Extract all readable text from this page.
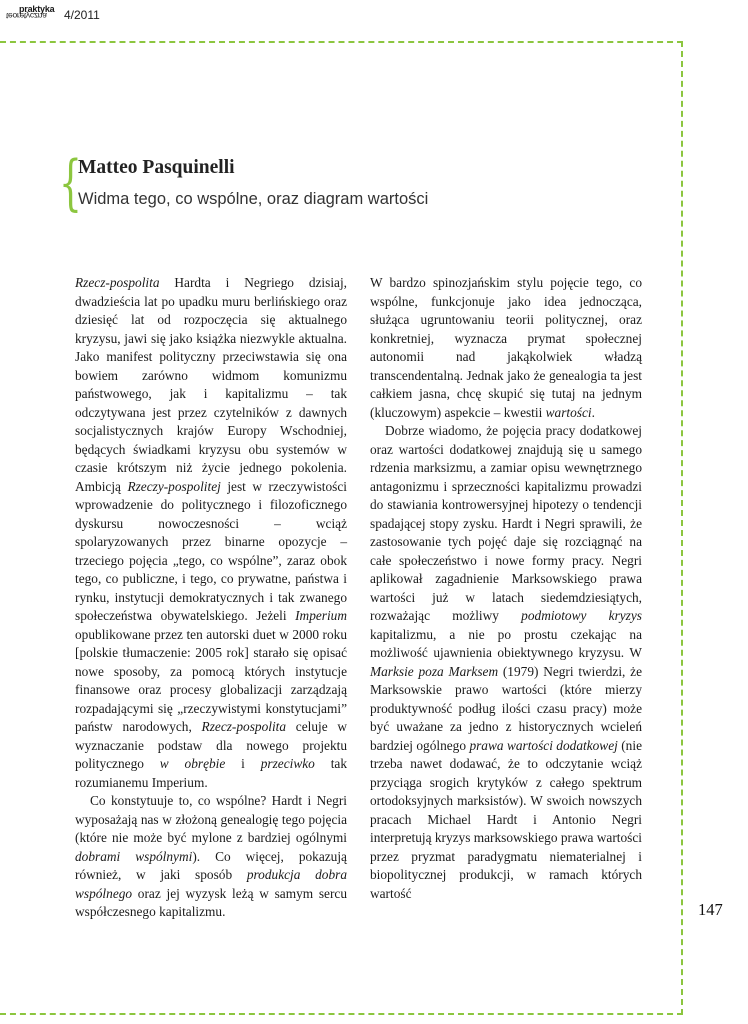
praktyka
teoretyczna 4/2011
{
Matteo Pasquinelli
Widma tego, co wspólne, oraz diagram wartości

Rzecz-pospolita Hardta i Negriego dzisiaj, dwadzieścia lat po upadku muru berlińskiego oraz dziesięć lat od rozpoczęcia się aktualnego kryzysu, jawi się jako książka niezwykle aktualna. Jako manifest polityczny przeciwstawia się ona bowiem zarówno widmom komunizmu państwowego, jak i kapitalizmu – tak odczytywana jest przez czytelników z dawnych socjalistycznych krajów Europy Wschodniej, będących świadkami kryzysu obu systemów w czasie krótszym niż życie jednego pokolenia. Ambicją Rzeczy-pospolitej jest w rzeczywistości wprowadzenie do politycznego i filozoficznego dyskursu nowoczesności – wciąż spolaryzowanych przez binarne opozycje – trzeciego pojęcia „tego, co wspólne”, zaraz obok tego, co publiczne, i tego, co prywatne, państwa i rynku, instytucji demokratycznych i tak zwanego społeczeństwa obywatelskiego. Jeżeli Imperium opublikowane przez ten autorski duet w 2000 roku [polskie tłumaczenie: 2005 rok] starało się opisać nowe sposoby, za pomocą których instytucje finansowe oraz procesy globalizacji zarządzają rozpadającymi się „rzeczywistymi konstytucjami” państw narodowych, Rzecz-pospolita celuje w wyznaczanie podstaw dla nowego projektu politycznego w obrębie i przeciwko tak rozumianemu Imperium.

Co konstytuuje to, co wspólne? Hardt i Negri wyposażają nas w złożoną genealogię tego pojęcia (które nie może być mylone z bardziej ogólnymi dobrami wspólnymi). Co więcej, pokazują również, w jaki sposób produkcja dobra wspólnego oraz jej wyzysk leżą w samym sercu współczesnego kapitalizmu.

W bardzo spinozjańskim stylu pojęcie tego, co wspólne, funkcjonuje jako idea jednocząca, służąca ugruntowaniu teorii politycznej, oraz konkretniej, wyznacza prymat społecznej autonomii nad jakąkolwiek władzą transcendentalną. Jednak jako że genealogia ta jest całkiem jasna, chcę skupić się tutaj na jednym (kluczowym) aspekcie – kwestii wartości.

Dobrze wiadomo, że pojęcia pracy dodatkowej oraz wartości dodatkowej znajdują się u samego rdzenia marksizmu, a zamiar opisu wewnętrznego antagonizmu i sprzeczności kapitalizmu prowadzi do stawiania kontrowersyjnej hipotezy o tendencji spadającej stopy zysku. Hardt i Negri sprawili, że zastosowanie tych pojęć daje się rozciągnąć na całe społeczeństwo i nowe formy pracy. Negri aplikował zagadnienie Marksowskiego prawa wartości już w latach siedemdziesiątych, rozważając możliwy podmiotowy kryzys kapitalizmu, a nie po prostu czekając na możliwość ujawnienia obiektywnego kryzysu. W Marksie poza Marksem (1979) Negri twierdzi, że Marksowskie prawo wartości (które mierzy produktywność podług ilości czasu pracy) może być uważane za jedno z historycznych wcieleń bardziej ogólnego prawa wartości dodatkowej (nie trzeba nawet dodawać, że to odczytanie wciąż przyciąga srogich krytyków z całego spektrum ortodoksyjnych marksistów). W swoich nowszych pracach Michael Hardt i Antonio Negri interpretują kryzys marksowskiego prawa wartości przez pryzmat paradygmatu niematerialnej i biopolitycznej produkcji, w ramach których wartość

147
